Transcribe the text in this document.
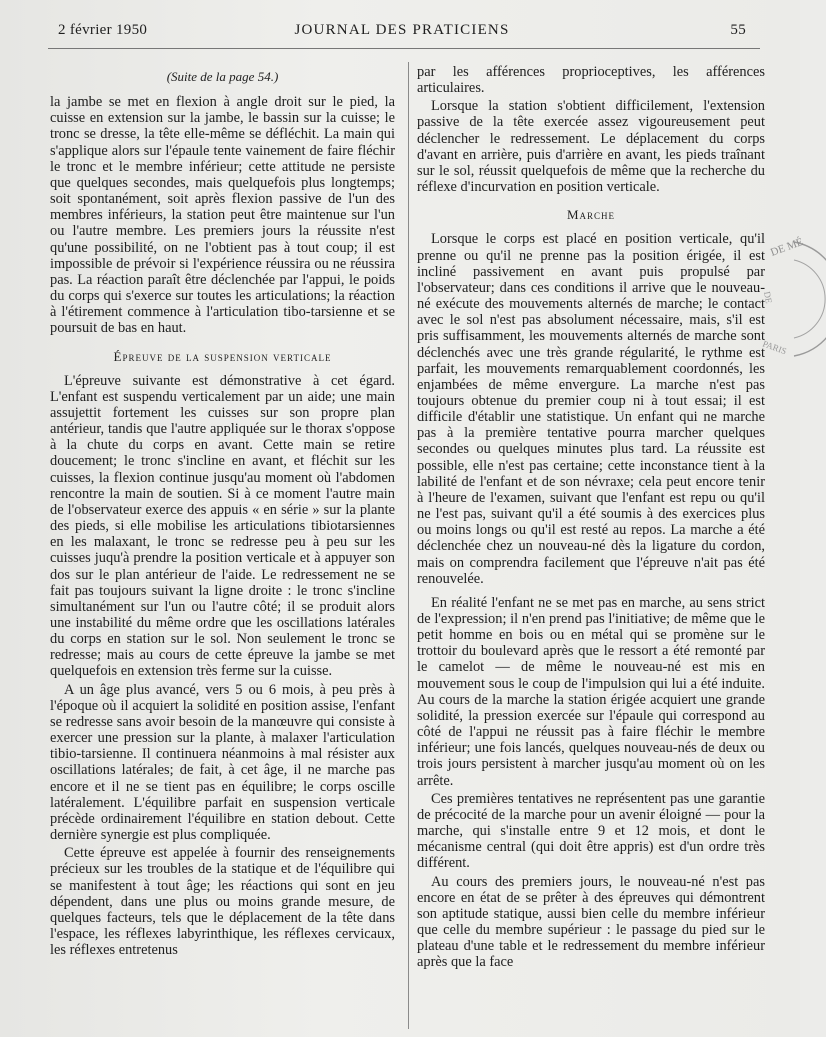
2 février 1950	JOURNAL DES PRATICIENS	55
(Suite de la page 54.)

la jambe se met en flexion à angle droit sur le pied, la cuisse en extension sur la jambe, le bassin sur la cuisse; le tronc se dresse, la tête elle-même se défléchit. La main qui s'applique alors sur l'épaule tente vainement de faire fléchir le tronc et le membre inférieur; cette attitude ne persiste que quelques secondes, mais quelquefois plus longtemps; soit spontanément, soit après flexion passive de l'un des membres inférieurs, la station peut être maintenue sur l'un ou l'autre membre. Les premiers jours la réussite n'est qu'une possibilité, on ne l'obtient pas à tout coup; il est impossible de prévoir si l'expérience réussira ou ne réussira pas. La réaction paraît être déclenchée par l'appui, le poids du corps qui s'exerce sur toutes les articulations; la réaction à l'étirement commence à l'articulation tibo-tarsienne et se poursuit de bas en haut.

Épreuve de la suspension verticale

L'épreuve suivante est démonstrative à cet égard. L'enfant est suspendu verticalement par un aide; une main assujettit fortement les cuisses sur son propre plan antérieur, tandis que l'autre appliquée sur le thorax s'oppose à la chute du corps en avant. Cette main se retire doucement; le tronc s'incline en avant, et fléchit sur les cuisses, la flexion continue jusqu'au moment où l'abdomen rencontre la main de soutien. Si à ce moment l'autre main de l'observateur exerce des appuis « en série » sur la plante des pieds, si elle mobilise les articulations tibiotarsiennes en les malaxant, le tronc se redresse peu à peu sur les cuisses juqu'à prendre la position verticale et à appuyer son dos sur le plan antérieur de l'aide. Le redressement ne se fait pas toujours suivant la ligne droite : le tronc s'incline simultanément sur l'un ou l'autre côté; il se produit alors une instabilité du même ordre que les oscillations latérales du corps en station sur le sol. Non seulement le tronc se redresse; mais au cours de cette épreuve la jambe se met quelquefois en extension très ferme sur la cuisse.

A un âge plus avancé, vers 5 ou 6 mois, à peu près à l'époque où il acquiert la solidité en position assise, l'enfant se redresse sans avoir besoin de la manœuvre qui consiste à exercer une pression sur la plante, à malaxer l'articulation tibio-tarsienne. Il continuera néanmoins à mal résister aux oscillations latérales; de fait, à cet âge, il ne marche pas encore et il ne se tient pas en équilibre; le corps oscille latéralement. L'équilibre parfait en suspension verticale précède ordinairement l'équilibre en station debout. Cette dernière synergie est plus compliquée.

Cette épreuve est appelée à fournir des renseignements précieux sur les troubles de la statique et de l'équilibre qui se manifestent à tout âge; les réactions qui sont en jeu dépendent, dans une plus ou moins grande mesure, de quelques facteurs, tels que le déplacement de la tête dans l'espace, les réflexes labyrinthique, les réflexes cervicaux, les réflexes entretenus

par les afférences proprioceptives, les afférences articulaires.

Lorsque la station s'obtient difficilement, l'extension passive de la tête exercée assez vigoureusement peut déclencher le redressement. Le déplacement du corps d'avant en arrière, puis d'arrière en avant, les pieds traînant sur le sol, réussit quelquefois de même que la recherche du réflexe d'incurvation en position verticale.

Marche

Lorsque le corps est placé en position verticale, qu'il prenne ou qu'il ne prenne pas la position érigée, il est incliné passivement en avant puis propulsé par l'observateur; dans ces conditions il arrive que le nouveau-né exécute des mouvements alternés de marche; le contact avec le sol n'est pas absolument nécessaire, mais, s'il est pris suffisamment, les mouvements alternés de marche sont déclenchés avec une très grande régularité, le rythme est parfait, les mouvements remarquablement coordonnés, les enjambées de même envergure. La marche n'est pas toujours obtenue du premier coup ni à tout essai; il est difficile d'établir une statistique. Un enfant qui ne marche pas à la première tentative pourra marcher quelques secondes ou quelques minutes plus tard. La réussite est possible, elle n'est pas certaine; cette inconstance tient à la labilité de l'enfant et de son névraxe; cela peut encore tenir à l'heure de l'examen, suivant que l'enfant est repu ou qu'il ne l'est pas, suivant qu'il a été soumis à des exercices plus ou moins longs ou qu'il est resté au repos. La marche a été déclenchée chez un nouveau-né dès la ligature du cordon, mais on comprendra facilement que l'épreuve n'ait pas été renouvelée.

En réalité l'enfant ne se met pas en marche, au sens strict de l'expression; il n'en prend pas l'initiative; de même que le petit homme en bois ou en métal qui se promène sur le trottoir du boulevard après que le ressort a été remonté par le camelot — de même le nouveau-né est mis en mouvement sous le coup de l'impulsion qui lui a été induite. Au cours de la marche la station érigée acquiert une grande solidité, la pression exercée sur l'épaule qui correspond au côté de l'appui ne réussit pas à faire fléchir le membre inférieur; une fois lancés, quelques nouveau-nés de deux ou trois jours persistent à marcher jusqu'au moment où on les arrête.

Ces premières tentatives ne représentent pas une garantie de précocité de la marche pour un avenir éloigné — pour la marche, qui s'installe entre 9 et 12 mois, et dont le mécanisme central (qui doit être appris) est d'un ordre très différent.

Au cours des premiers jours, le nouveau-né n'est pas encore en état de se prêter à des épreuves qui démontrent son aptitude statique, aussi bien celle du membre inférieur que celle du membre supérieur : le passage du pied sur le plateau d'une table et le redressement du membre inférieur après que la face

DE MÉ
DE
PARIS
